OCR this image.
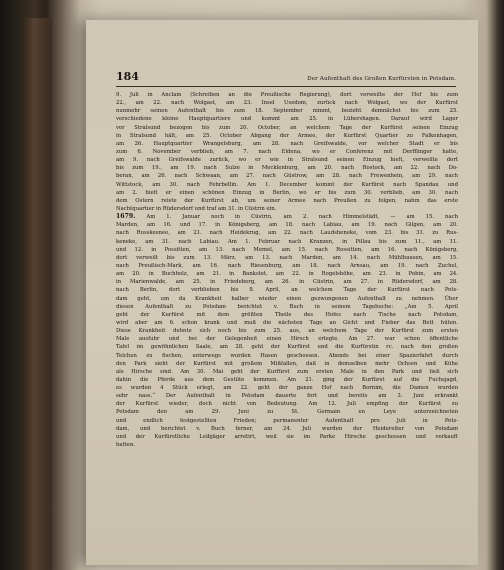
184	Der Aufenthalt des Großen Kurfürsten in Potsdam.
9. Juli in Anclam (Schreiben an die Preußische Regierung), dort verweilte der Hof bis zum
22., am 22. nach Wolgast, am 23. Insel Usedom, zurück nach Wolgast, wo der Kurfürst
nunmehr seinen Aufenthalt bis zum 18. September nimmt, bezieht demnächst bis zum 25.
verschiedene kleine Hauptquartiere und kommt am 25. in Lübershagen. Darauf wird Lager
vor Stralsund bezogen bis zum 20. October, an welchem Tage der Kurfürst seinen Einzug
in Stralsund hält, am 25. October Abgang der Armee, der Kurfürst Quartier zu Falkenhagen,
am 26. Hauptquartier Wrangelsburg, am 28. nach Greifswalde, vor welcher Stadt er bis
zum 6. November verblieb, am 7. nach Eldena, wo er Conferenz mit Derfflinger hatte,
am 9. nach Greifswalde zurück, wo er wie in Stralsund seinen Einzug hielt, verweilte dort
bis zum 19., am 19. nach Sulze in Mecklenburg, am 20. nach Rostock, am 22. nach Do-
beran, am 26. nach Schwaan, am 27. nach Güstrow, am 28. nach Frewenhein, am 29. nach
Wittstock, am 30. nach Fehrbellin. Am 1. December kommt der Kurfürst nach Spandau und
am 2. hielt er einen schönen Einzug in Berlin, wo er bis zum 30. verblieb, am 30. nach
dem Ostern reiste der Kurfürst ab, um seiner Armee nach Preußen zu folgen, nahm das erste
Nachtquartier in Rüdersdorf und traf am 31. in Cüstrin ein.
1679. Am 1. Januar noch in Cüstrin, am 2. nach Himmelstädt, — am 15. nach
Marden, am 16. und 17. in Königsberg, am 18. nach Labiau, am 19. nach Gilgen, am 20.
nach Russkesnee, am 21. nach Heidekrug, am 22. nach Laudsheneke, vom 23. bis 31. zu Rus-
keneke, am 31. nach Labiau. Am 1. Februar nach Kranzen, in Pillau bis zum 11., am 11.
und 12. in Possitten, am 13. nach Memel, am 15. nach Rossitten, am 16. nach Königsberg,
dort verweilt bis zum 13. März, am 13. nach Marden, am 14. nach Mühlhausen, am 15.
nach Preußisch-Mark, am 16. nach Riesenburg, am 18. nach Arnsau, am 19. nach Zuchel,
am 20. in Buchholz, am 21. in Bankstet, am 22. in Rogelshöhe, am 23. in Pobin, am 24.
in Marienwalde, am 25. in Friedeberg, am 26. in Cüstrin, am 27. in Rüdersdorf, am 28.
nach Berlin, dort verblieben bis 8. April, an welchem Tage der Kurfürst nach Pots-
dam geht, um da Krankheit halber wieder einen gezwungenen Aufenthalt zu nehmen. Über
diesen Aufenthalt zu Potsdam berichtet v. Buch in seinem Tagebuche: „Am 5. April
geht der Kurfürst mit dem größten Theile des Hofes nach Tische nach Potsdam,
wird aber am 6. schon krank und muß die nächsten Tage an Gicht und Fieber das Bett hüten.
Diese Krankheit dehnte sich noch bis zum 25. aus, an welchem Tage der Kurfürst zum ersten
Male ausfuhr und bei der Gelegenheit einen Hirsch erlegte. Am 27. war schon öffentliche
Tafel im gewöhnlichen Saale, am 28. geht der Kurfürst und die Kurfürstin rc. nach den großen
Teichen zu fischen, unterwegs wurden Hasen geschossen. Abends bei einer Spazierfahrt durch
den Park sieht der Kurfürst mit großem Mißfallen, daß in demselben mehr Ochsen und Kühe
als Hirsche sind. Am 30. Mai geht der Kurfürst zum ersten Male in den Park und ließ sich
dahin die Pferde aus dem Gestüte kommen. Am 21. ging der Kurfürst auf die Fuchsjagd,
es wurden 4 Stück erlegt, am 22. geht der ganze Hof nach Bornim, die Damen wurden
sehr nass.“ Der Aufenthalt in Potsdam dauerte fort und bereits am 3. Juni erkrankt
der Kurfürst wieder, doch nicht von Bedeutung. Am 12. Juli empfing der Kurfürst zu
Potsdam den am 29. Juni zu St. Germain en Leye unterzeichneten
und endlich festgestellten Frieden; permanenter Aufenthalt pro Juli in Pots-
dam, und berichtet v. Buch ferner, am 24. Juli wurden der Heidereiter von Potsdam
und der Kurfürstliche Leibjäger arretirt, weil sie im Parke Hirsche geschossen und verkauft
hatten.
